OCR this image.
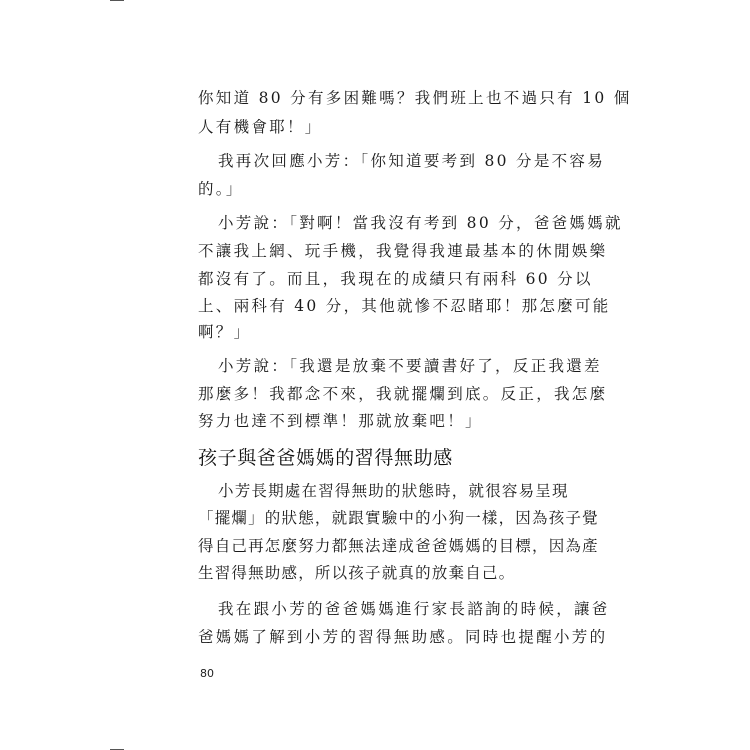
你知道 80 分有多困難嗎？我們班上也不過只有 10 個
人有機會耶！」
我再次回應小芳：「你知道要考到 80 分是不容易
的。」
小芳說：「對啊！當我沒有考到 80 分，爸爸媽媽就
不讓我上網、玩手機，我覺得我連最基本的休閒娛樂
都沒有了。而且，我現在的成績只有兩科 60 分以
上、兩科有 40 分，其他就慘不忍睹耶！那怎麼可能
啊？」
小芳說：「我還是放棄不要讀書好了，反正我還差
那麼多！我都念不來，我就擺爛到底。反正，我怎麼
努力也達不到標準！那就放棄吧！」
孩子與爸爸媽媽的習得無助感
小芳長期處在習得無助的狀態時，就很容易呈現
「擺爛」的狀態，就跟實驗中的小狗一樣，因為孩子覺
得自己再怎麼努力都無法達成爸爸媽媽的目標，因為產
生習得無助感，所以孩子就真的放棄自己。
我在跟小芳的爸爸媽媽進行家長諮詢的時候，讓爸
爸媽媽了解到小芳的習得無助感。同時也提醒小芳的
80
